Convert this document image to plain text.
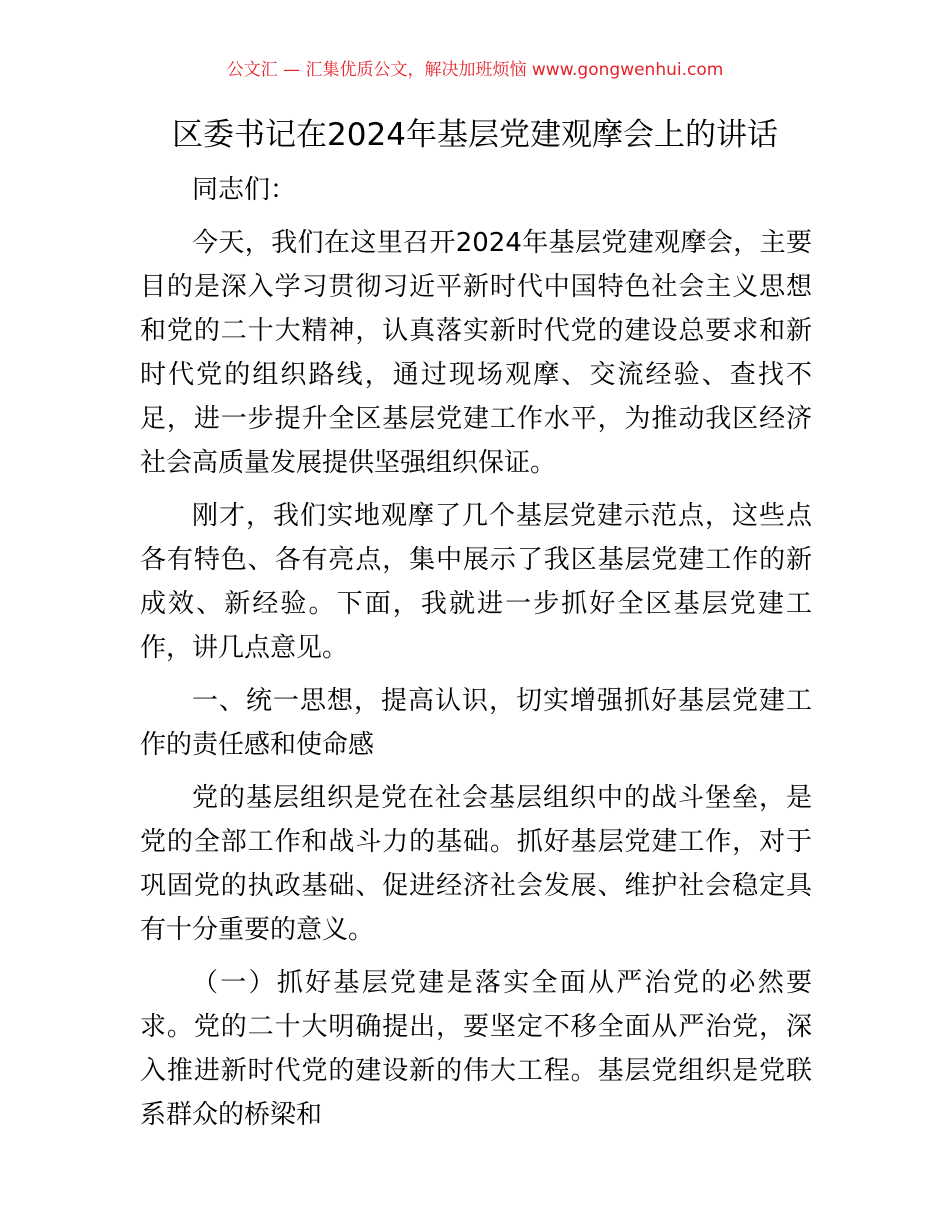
公文汇 — 汇集优质公文，解决加班烦恼 www.gongwenhui.com
区委书记在2024年基层党建观摩会上的讲话

同志们：

今天，我们在这里召开2024年基层党建观摩会，主要目的是深入学习贯彻习近平新时代中国特色社会主义思想和党的二十大精神，认真落实新时代党的建设总要求和新时代党的组织路线，通过现场观摩、交流经验、查找不足，进一步提升全区基层党建工作水平，为推动我区经济社会高质量发展提供坚强组织保证。

刚才，我们实地观摩了几个基层党建示范点，这些点各有特色、各有亮点，集中展示了我区基层党建工作的新成效、新经验。下面，我就进一步抓好全区基层党建工作，讲几点意见。

一、统一思想，提高认识，切实增强抓好基层党建工作的责任感和使命感

党的基层组织是党在社会基层组织中的战斗堡垒，是党的全部工作和战斗力的基础。抓好基层党建工作，对于巩固党的执政基础、促进经济社会发展、维护社会稳定具有十分重要的意义。

（一）抓好基层党建是落实全面从严治党的必然要求。党的二十大明确提出，要坚定不移全面从严治党，深入推进新时代党的建设新的伟大工程。基层党组织是党联系群众的桥梁和
